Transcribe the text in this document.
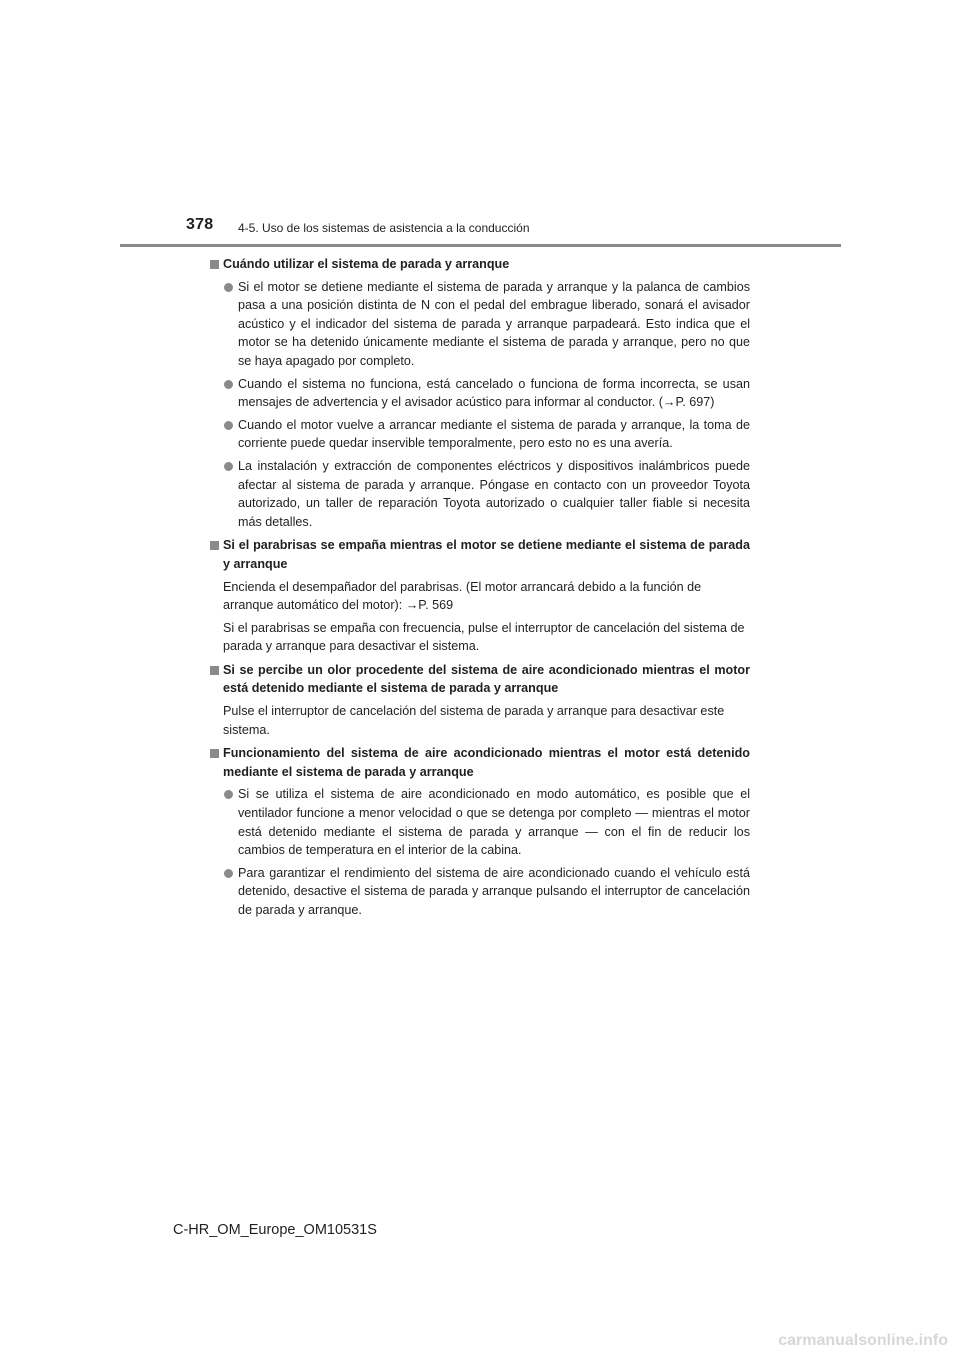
378 4-5. Uso de los sistemas de asistencia a la conducción
Cuándo utilizar el sistema de parada y arranque
Si el motor se detiene mediante el sistema de parada y arranque y la palanca de cambios pasa a una posición distinta de N con el pedal del embrague liberado, sonará el avisador acústico y el indicador del sistema de parada y arranque parpadeará. Esto indica que el motor se ha detenido únicamente mediante el sistema de parada y arranque, pero no que se haya apagado por completo.
Cuando el sistema no funciona, está cancelado o funciona de forma incorrecta, se usan mensajes de advertencia y el avisador acústico para informar al conductor. (→P. 697)
Cuando el motor vuelve a arrancar mediante el sistema de parada y arranque, la toma de corriente puede quedar inservible temporalmente, pero esto no es una avería.
La instalación y extracción de componentes eléctricos y dispositivos inalámbricos puede afectar al sistema de parada y arranque. Póngase en contacto con un proveedor Toyota autorizado, un taller de reparación Toyota autorizado o cualquier taller fiable si necesita más detalles.
Si el parabrisas se empaña mientras el motor se detiene mediante el sistema de parada y arranque
Encienda el desempañador del parabrisas. (El motor arrancará debido a la función de arranque automático del motor): →P. 569
Si el parabrisas se empaña con frecuencia, pulse el interruptor de cancelación del sistema de parada y arranque para desactivar el sistema.
Si se percibe un olor procedente del sistema de aire acondicionado mientras el motor está detenido mediante el sistema de parada y arranque
Pulse el interruptor de cancelación del sistema de parada y arranque para desactivar este sistema.
Funcionamiento del sistema de aire acondicionado mientras el motor está detenido mediante el sistema de parada y arranque
Si se utiliza el sistema de aire acondicionado en modo automático, es posible que el ventilador funcione a menor velocidad o que se detenga por completo — mientras el motor está detenido mediante el sistema de parada y arranque — con el fin de reducir los cambios de temperatura en el interior de la cabina.
Para garantizar el rendimiento del sistema de aire acondicionado cuando el vehículo está detenido, desactive el sistema de parada y arranque pulsando el interruptor de cancelación de parada y arranque.
C-HR_OM_Europe_OM10531S
carmanualsonline.info
